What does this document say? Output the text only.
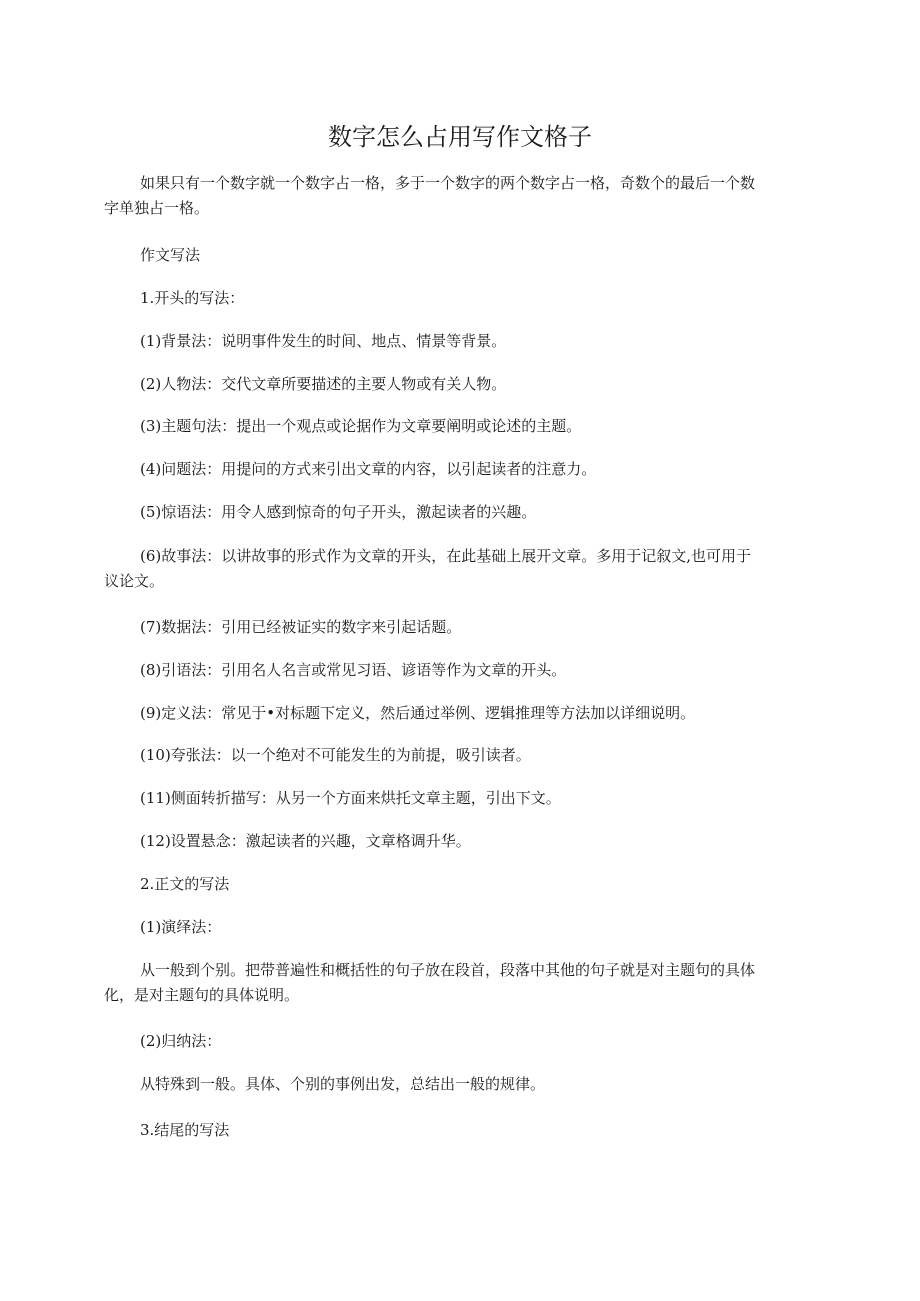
数字怎么占用写作文格子

如果只有一个数字就一个数字占一格，多于一个数字的两个数字占一格，奇数个的最后一个数字单独占一格。

作文写法

1.开头的写法：

(1)背景法：说明事件发生的时间、地点、情景等背景。

(2)人物法：交代文章所要描述的主要人物或有关人物。

(3)主题句法：提出一个观点或论据作为文章要阐明或论述的主题。

(4)问题法：用提问的方式来引出文章的内容，以引起读者的注意力。

(5)惊语法：用令人感到惊奇的句子开头，激起读者的兴趣。

(6)故事法：以讲故事的形式作为文章的开头，在此基础上展开文章。多用于记叙文,也可用于议论文。

(7)数据法：引用已经被证实的数字来引起话题。

(8)引语法：引用名人名言或常见习语、谚语等作为文章的开头。

(9)定义法：常见于•对标题下定义，然后通过举例、逻辑推理等方法加以详细说明。

(10)夸张法：以一个绝对不可能发生的为前提，吸引读者。

(11)侧面转折描写：从另一个方面来烘托文章主题，引出下文。

(12)设置悬念：激起读者的兴趣，文章格调升华。

2.正文的写法

(1)演绎法：

从一般到个别。把带普遍性和概括性的句子放在段首，段落中其他的句子就是对主题句的具体化，是对主题句的具体说明。

(2)归纳法：

从特殊到一般。具体、个别的事例出发，总结出一般的规律。

3.结尾的写法
